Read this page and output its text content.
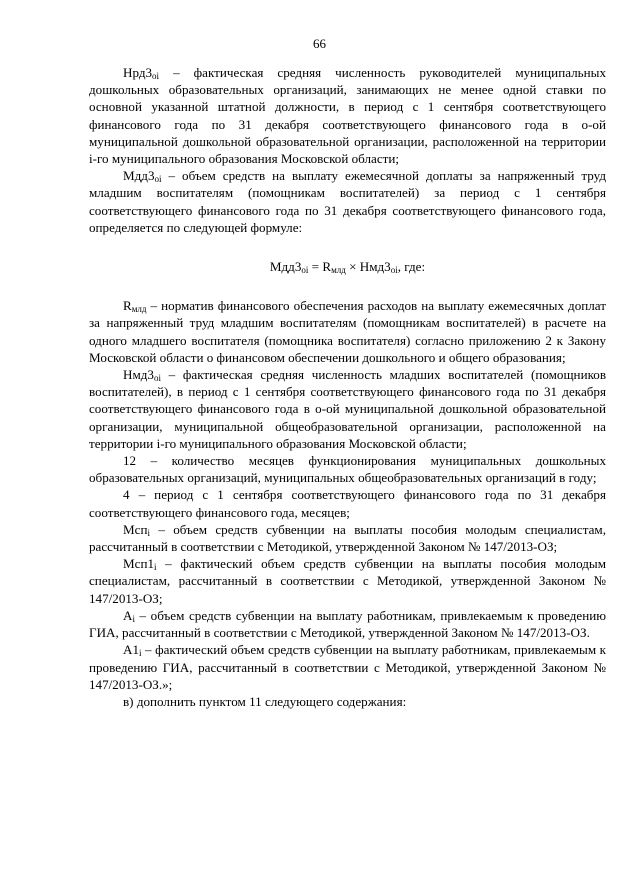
66

$Нрд3_{oi}$ – фактическая средняя численность руководителей муниципальных дошкольных образовательных организаций, занимающих не менее одной ставки по основной указанной штатной должности, в период с 1 сентября соответствующего финансового года по 31 декабря соответствующего финансового года в о-ой муниципальной дошкольной образовательной организации, расположенной на территории i-го муниципального образования Московской области;

$Мдд3_{oi}$ – объем средств на выплату ежемесячной доплаты за напряженный труд младшим воспитателям (помощникам воспитателей) за период с 1 сентября соответствующего финансового года по 31 декабря соответствующего финансового года, определяется по следующей формуле:

$Мдд3_{oi} = R_{млд} \times Нмд3_{oi}$, где:

$R_{млд}$ – норматив финансового обеспечения расходов на выплату ежемесячных доплат за напряженный труд младшим воспитателям (помощникам воспитателей) в расчете на одного младшего воспитателя (помощника воспитателя) согласно приложению 2 к Закону Московской области о финансовом обеспечении дошкольного и общего образования;

$Нмд3_{oi}$ – фактическая средняя численность младших воспитателей (помощников воспитателей), в период с 1 сентября соответствующего финансового года по 31 декабря соответствующего финансового года в о-ой муниципальной дошкольной образовательной организации, муниципальной общеобразовательной организации, расположенной на территории i-го муниципального образования Московской области;

12 – количество месяцев функционирования муниципальных дошкольных образовательных организаций, муниципальных общеобразовательных организаций в году;

4 – период с 1 сентября соответствующего финансового года по 31 декабря соответствующего финансового года, месяцев;

Мсп$_i$ – объем средств субвенции на выплаты пособия молодым специалистам, рассчитанный в соответствии с Методикой, утвержденной Законом № 147/2013-ОЗ;

$Мсп1_i$ – фактический объем средств субвенции на выплаты пособия молодым специалистам, рассчитанный в соответствии с Методикой, утвержденной Законом № 147/2013-ОЗ;

$А_i$ – объем средств субвенции на выплату работникам, привлекаемым к проведению ГИА, рассчитанный в соответствии с Методикой, утвержденной Законом № 147/2013-ОЗ.

$А1_i$ – фактический объем средств субвенции на выплату работникам, привлекаемым к проведению ГИА, рассчитанный в соответствии с Методикой, утвержденной Законом № 147/2013-ОЗ.»;

в) дополнить пунктом 11 следующего содержания:
